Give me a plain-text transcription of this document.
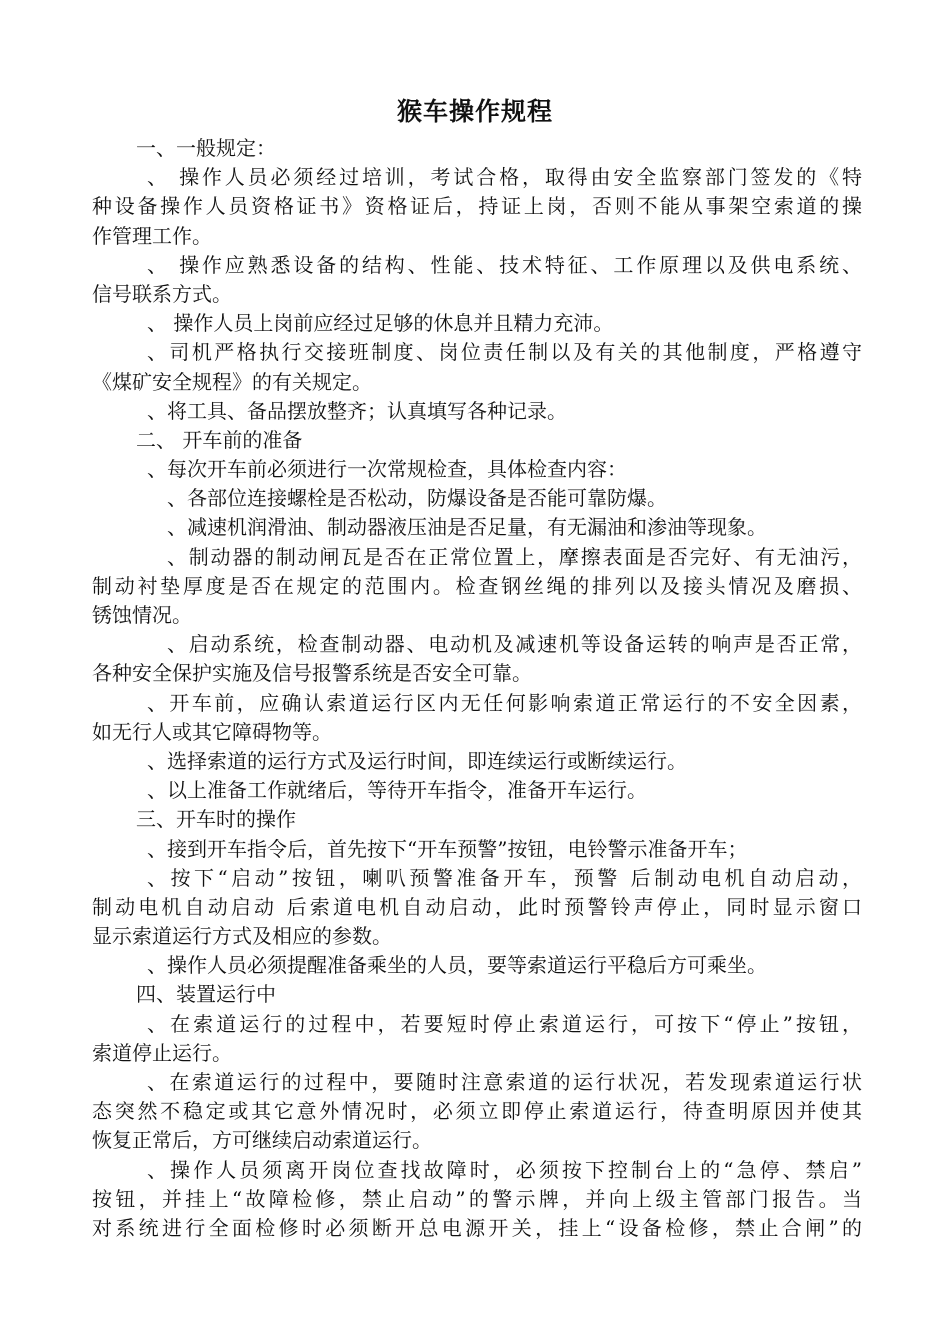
猴车操作规程
一、一般规定：
、 操作人员必须经过培训，考试合格，取得由安全监察部门签发的《特
种设备操作人员资格证书》资格证后，持证上岗，否则不能从事架空索道的操
作管理工作。
、 操作应熟悉设备的结构、性能、技术特征、工作原理以及供电系统、
信号联系方式。
、 操作人员上岗前应经过足够的休息并且精力充沛。
、司机严格执行交接班制度、岗位责任制以及有关的其他制度，严格遵守
《煤矿安全规程》的有关规定。
、将工具、备品摆放整齐；认真填写各种记录。
二、 开车前的准备
、每次开车前必须进行一次常规检查，具体检查内容：
、各部位连接螺栓是否松动，防爆设备是否能可靠防爆。
、减速机润滑油、制动器液压油是否足量，有无漏油和渗油等现象。
、制动器的制动闸瓦是否在正常位置上，摩擦表面是否完好、有无油污，
制动衬垫厚度是否在规定的范围内。检查钢丝绳的排列以及接头情况及磨损、
锈蚀情况。
、启动系统，检查制动器、电动机及减速机等设备运转的响声是否正常，
各种安全保护实施及信号报警系统是否安全可靠。
、开车前，应确认索道运行区内无任何影响索道正常运行的不安全因素，
如无行人或其它障碍物等。
、选择索道的运行方式及运行时间，即连续运行或断续运行。
、以上准备工作就绪后，等待开车指令，准备开车运行。
三、开车时的操作
、接到开车指令后，首先按下“开车预警”按钮，电铃警示准备开车；
、按下“启动”按钮，喇叭预警准备开车，预警 后制动电机自动启动，
制动电机自动启动 后索道电机自动启动，此时预警铃声停止，同时显示窗口
显示索道运行方式及相应的参数。
、操作人员必须提醒准备乘坐的人员，要等索道运行平稳后方可乘坐。
四、装置运行中
、在索道运行的过程中，若要短时停止索道运行，可按下“停止”按钮，
索道停止运行。
、在索道运行的过程中，要随时注意索道的运行状况，若发现索道运行状
态突然不稳定或其它意外情况时，必须立即停止索道运行，待查明原因并使其
恢复正常后，方可继续启动索道运行。
、操作人员须离开岗位查找故障时，必须按下控制台上的“急停、禁启”
按钮，并挂上“故障检修，禁止启动”的警示牌，并向上级主管部门报告。当
对系统进行全面检修时必须断开总电源开关，挂上“设备检修，禁止合闸”的
